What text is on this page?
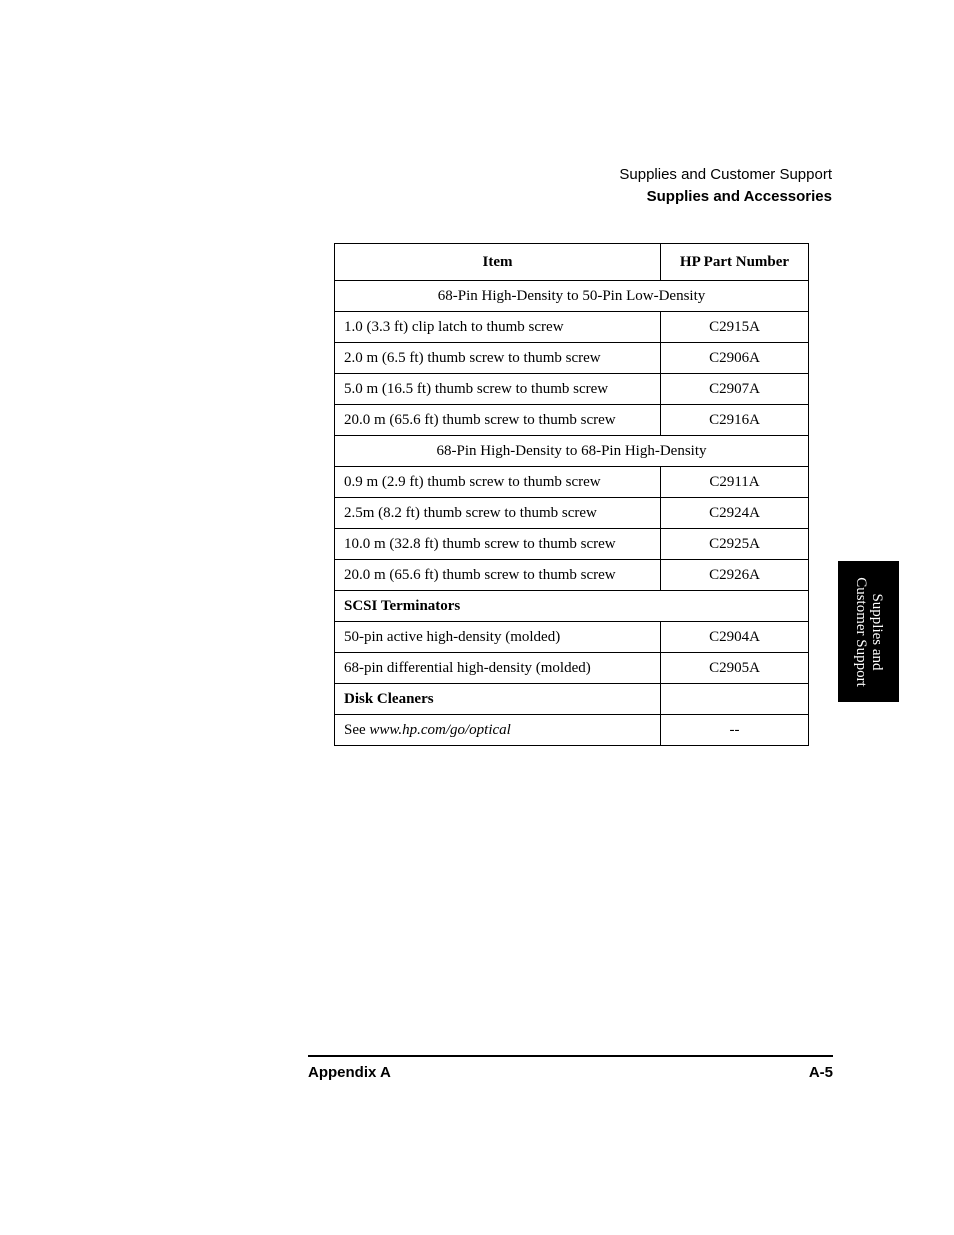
Supplies and Customer Support
Supplies and Accessories
Item	HP Part Number
68-Pin High-Density to 50-Pin Low-Density	
1.0 (3.3 ft) clip latch to thumb screw	C2915A
2.0 m (6.5 ft) thumb screw to thumb screw	C2906A
5.0 m (16.5 ft) thumb screw to thumb screw	C2907A
20.0 m (65.6 ft) thumb screw to thumb screw	C2916A
68-Pin High-Density to 68-Pin High-Density	
0.9 m (2.9 ft) thumb screw to thumb screw	C2911A
2.5m (8.2 ft) thumb screw to thumb screw	C2924A
10.0 m (32.8 ft) thumb screw to thumb screw	C2925A
20.0 m (65.6 ft) thumb screw to thumb screw	C2926A
SCSI Terminators	
50-pin active high-density (molded)	C2904A
68-pin differential high-density (molded)	C2905A
Disk Cleaners	
See www.hp.com/go/optical	--
Supplies and
Customer Support
Appendix A	A-5
